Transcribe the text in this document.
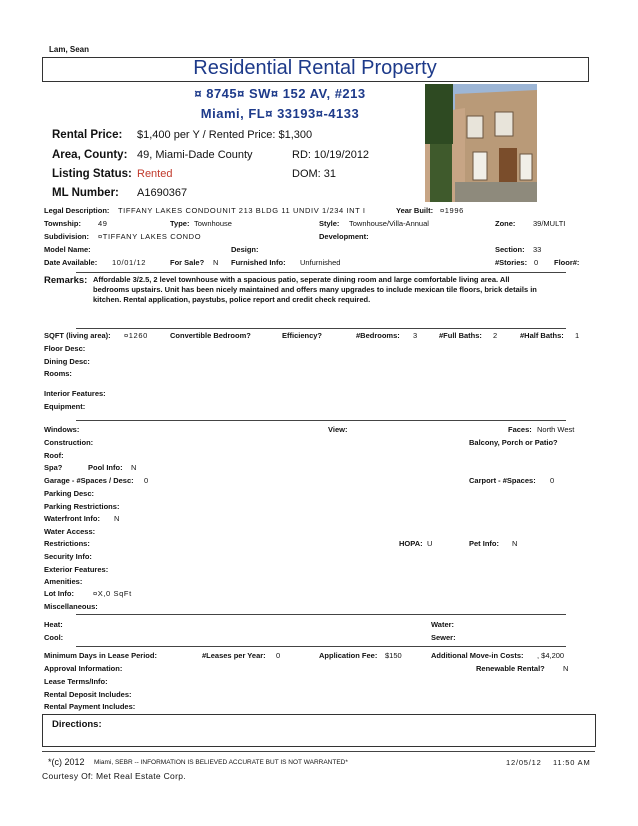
Lam, Sean
Residential Rental Property
¤ 8745¤ SW¤ 152 AV, #213
Miami, FL¤ 33193¤-4133
Rental Price: $1,400 per Y / Rented Price: $1,300
Area, County: 49, Miami-Dade County	RD: 10/19/2012
Listing Status: Rented	DOM: 31
ML Number: A1690367
Legal Description: TIFFANY LAKES CONDOUNIT 213 BLDG 11 UNDIV 1/234 INT I	Year Built: ¤1996
Township: 49	Type: Townhouse	Style: Townhouse/Villa-Annual	Zone: 39/MULTI
Subdivision: ¤TIFFANY LAKES CONDO	Development:
Model Name:	Design:	Section: 33
Date Available: 10/01/12	For Sale? N Furnished Info: Unfurnished	#Stories: 0 Floor#:
Remarks: Affordable 3/2.5, 2 level townhouse with a spacious patio, seperate dining room and large comfortable living area. All
bedrooms upstairs. Unit has been nicely maintained and offers many upgrades to include mexican tile floors, brick details in
kitchen. Rental application, paystubs, police report and credit check required.
SQFT (living area): ¤1260	Convertible Bedroom?	Efficiency?	#Bedrooms: 3	#Full Baths: 2	#Half Baths: 1
Floor Desc:
Dining Desc:
Rooms:
Interior Features:
Equipment:
Windows:	View:	Faces: North West
Construction:	Balcony, Porch or Patio?
Roof:
Spa?	Pool Info: N
Garage - #Spaces / Desc: 0	Carport - #Spaces: 0
Parking Desc:
Parking Restrictions:
Waterfront Info: N
Water Access:
Restrictions:	HOPA: U	Pet Info: N
Security Info:
Exterior Features:
Amenities:
Lot Info:	¤X,0 SqFt
Miscellaneous:
Heat:	Water:
Cool:	Sewer:
Minimum Days in Lease Period:	#Leases per Year: 0	Application Fee: $150	Additional Move-in Costs: , $4,200
Approval Information:	Renewable Rental? N
Lease Terms/Info:
Rental Deposit Includes:
Rental Payment Includes:
Directions:
*(c) 2012 Miami, SEBR -- INFORMATION IS BELIEVED ACCURATE BUT IS NOT WARRANTED*	12/05/12 11:50 AM
Courtesy Of: Met Real Estate Corp.
